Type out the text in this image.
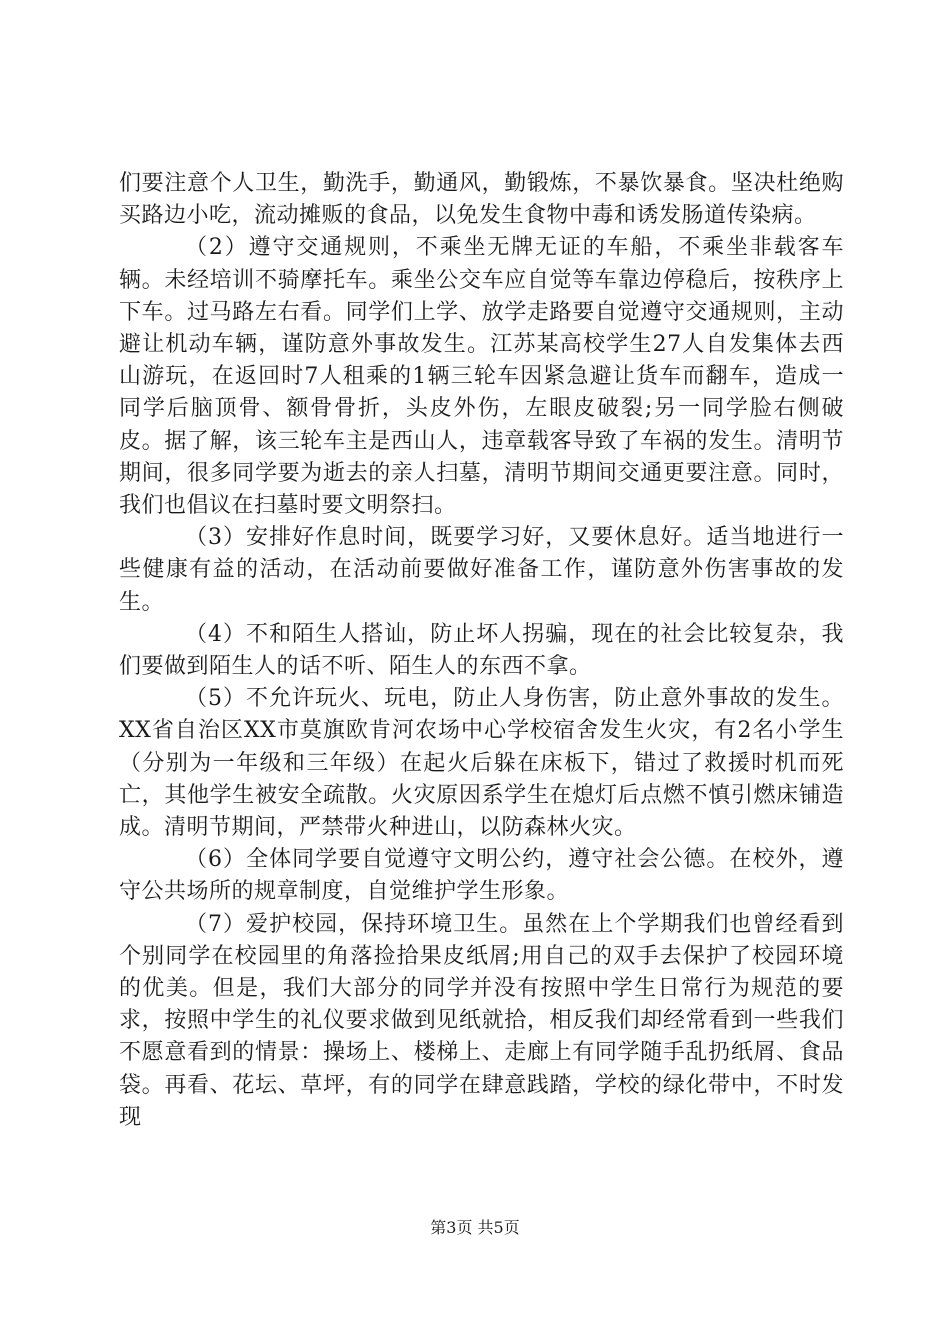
们要注意个人卫生，勤洗手，勤通风，勤锻炼，不暴饮暴食。坚决杜绝购买路边小吃，流动摊贩的食品，以免发生食物中毒和诱发肠道传染病。

（2）遵守交通规则，不乘坐无牌无证的车船，不乘坐非载客车辆。未经培训不骑摩托车。乘坐公交车应自觉等车靠边停稳后，按秩序上下车。过马路左右看。同学们上学、放学走路要自觉遵守交通规则，主动避让机动车辆，谨防意外事故发生。江苏某高校学生27人自发集体去西山游玩，在返回时7人租乘的1辆三轮车因紧急避让货车而翻车，造成一同学后脑顶骨、额骨骨折，头皮外伤，左眼皮破裂;另一同学脸右侧破皮。据了解，该三轮车主是西山人，违章载客导致了车祸的发生。清明节期间，很多同学要为逝去的亲人扫墓，清明节期间交通更要注意。同时，我们也倡议在扫墓时要文明祭扫。

（3）安排好作息时间，既要学习好，又要休息好。适当地进行一些健康有益的活动，在活动前要做好准备工作，谨防意外伤害事故的发生。

（4）不和陌生人搭讪，防止坏人拐骗，现在的社会比较复杂，我们要做到陌生人的话不听、陌生人的东西不拿。

（5）不允许玩火、玩电，防止人身伤害，防止意外事故的发生。XX省自治区XX市莫旗欧肯河农场中心学校宿舍发生火灾，有2名小学生（分别为一年级和三年级）在起火后躲在床板下，错过了救援时机而死亡，其他学生被安全疏散。火灾原因系学生在熄灯后点燃不慎引燃床铺造成。清明节期间，严禁带火种进山，以防森林火灾。

（6）全体同学要自觉遵守文明公约，遵守社会公德。在校外，遵守公共场所的规章制度，自觉维护学生形象。

（7）爱护校园，保持环境卫生。虽然在上个学期我们也曾经看到个别同学在校园里的角落捡拾果皮纸屑;用自己的双手去保护了校园环境的优美。但是，我们大部分的同学并没有按照中学生日常行为规范的要求，按照中学生的礼仪要求做到见纸就拾，相反我们却经常看到一些我们不愿意看到的情景：操场上、楼梯上、走廊上有同学随手乱扔纸屑、食品袋。再看、花坛、草坪，有的同学在肆意践踏，学校的绿化带中，不时发现

第3页 共5页
